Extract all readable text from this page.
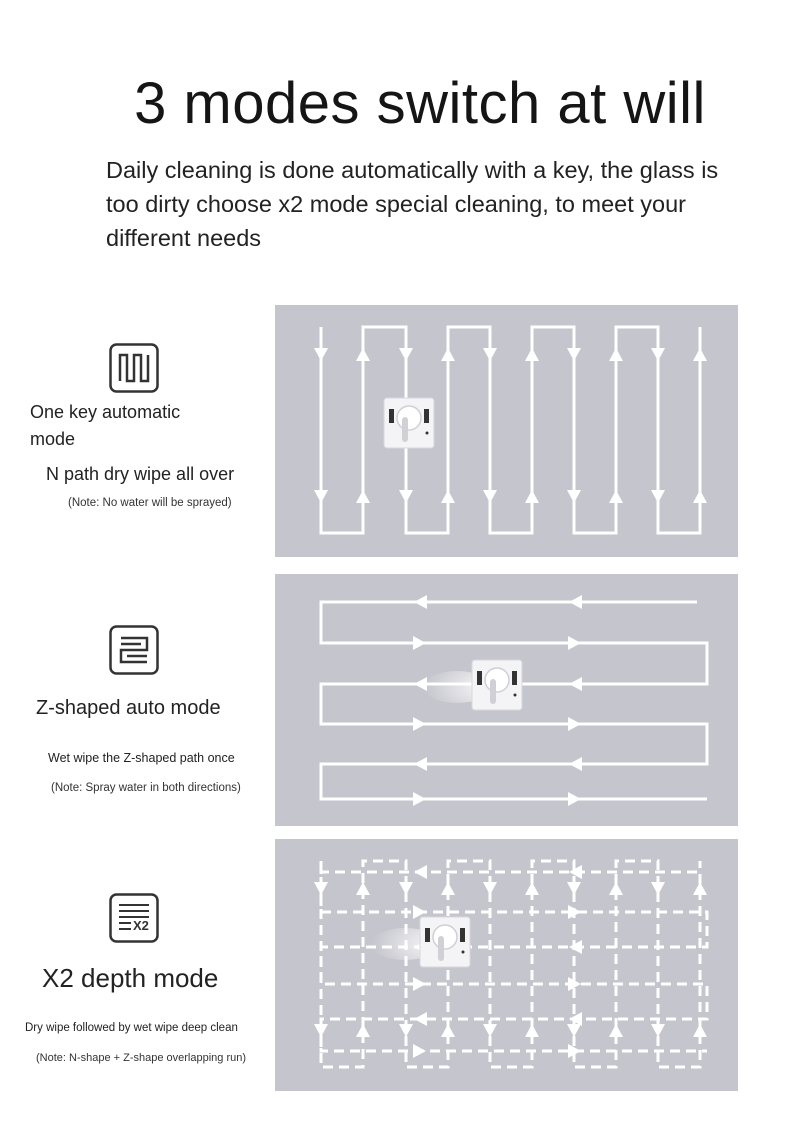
3 modes switch at will
Daily cleaning is done automatically with a key, the glass is too dirty choose x2 mode special cleaning, to meet your different needs
One key automatic mode
N path dry wipe all over
(Note: No water will be sprayed)
Z-shaped auto mode
Wet wipe the Z-shaped path once
(Note: Spray water in both directions)
X2
X2 depth mode
Dry wipe followed by wet wipe deep clean
(Note: N-shape + Z-shape overlapping run)
